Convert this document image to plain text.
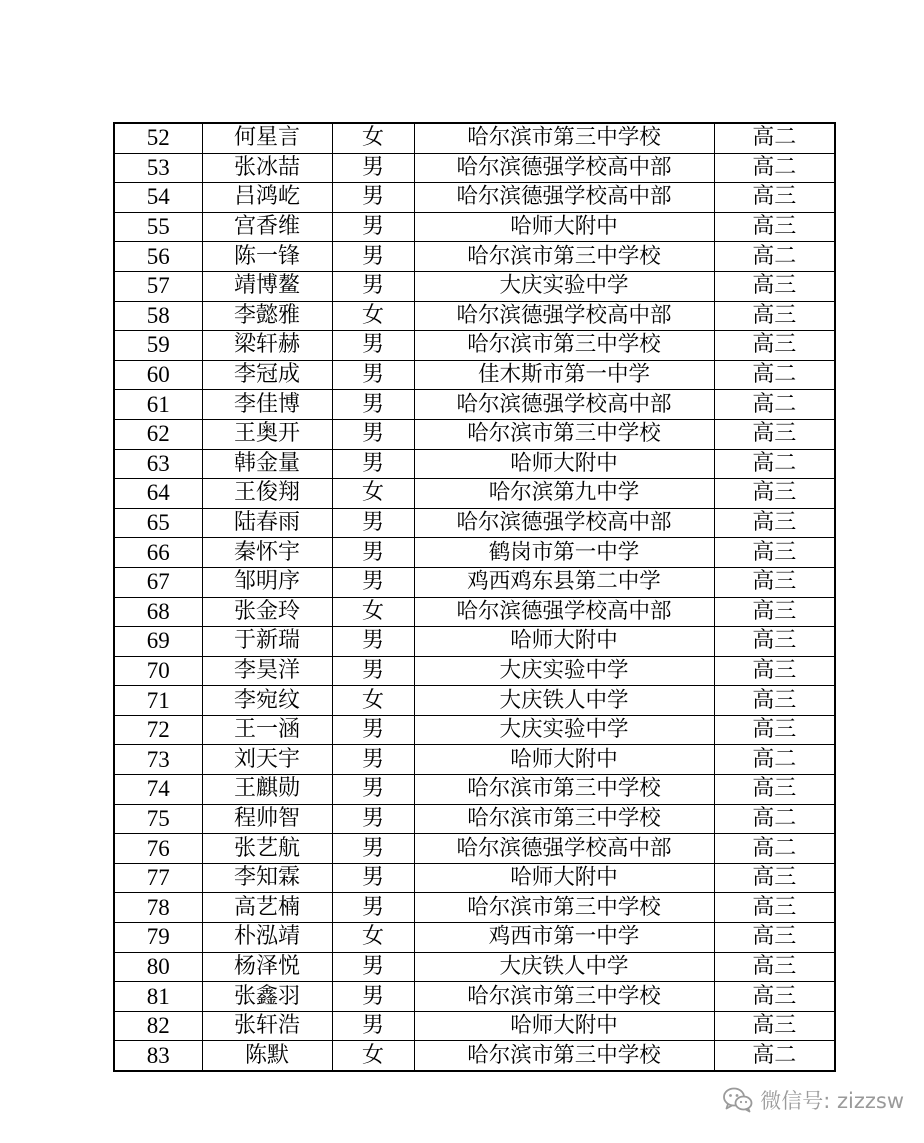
52	何星言	女	哈尔滨市第三中学校	高二
53	张冰喆	男	哈尔滨德强学校高中部	高二
54	吕鸿屹	男	哈尔滨德强学校高中部	高三
55	宫香维	男	哈师大附中	高三
56	陈一锋	男	哈尔滨市第三中学校	高二
57	靖博鳌	男	大庆实验中学	高三
58	李懿雅	女	哈尔滨德强学校高中部	高三
59	梁轩赫	男	哈尔滨市第三中学校	高三
60	李冠成	男	佳木斯市第一中学	高二
61	李佳博	男	哈尔滨德强学校高中部	高二
62	王奥开	男	哈尔滨市第三中学校	高三
63	韩金量	男	哈师大附中	高二
64	王俊翔	女	哈尔滨第九中学	高三
65	陆春雨	男	哈尔滨德强学校高中部	高三
66	秦怀宇	男	鹤岗市第一中学	高三
67	邹明序	男	鸡西鸡东县第二中学	高三
68	张金玲	女	哈尔滨德强学校高中部	高三
69	于新瑞	男	哈师大附中	高三
70	李昊洋	男	大庆实验中学	高三
71	李宛纹	女	大庆铁人中学	高三
72	王一涵	男	大庆实验中学	高三
73	刘天宇	男	哈师大附中	高二
74	王麒勋	男	哈尔滨市第三中学校	高三
75	程帅智	男	哈尔滨市第三中学校	高二
76	张艺航	男	哈尔滨德强学校高中部	高二
77	李知霖	男	哈师大附中	高三
78	高艺楠	男	哈尔滨市第三中学校	高三
79	朴泓靖	女	鸡西市第一中学	高三
80	杨泽悦	男	大庆铁人中学	高三
81	张鑫羽	男	哈尔滨市第三中学校	高三
82	张轩浩	男	哈师大附中	高三
83	陈默	女	哈尔滨市第三中学校	高二
微信号: zizzsw
